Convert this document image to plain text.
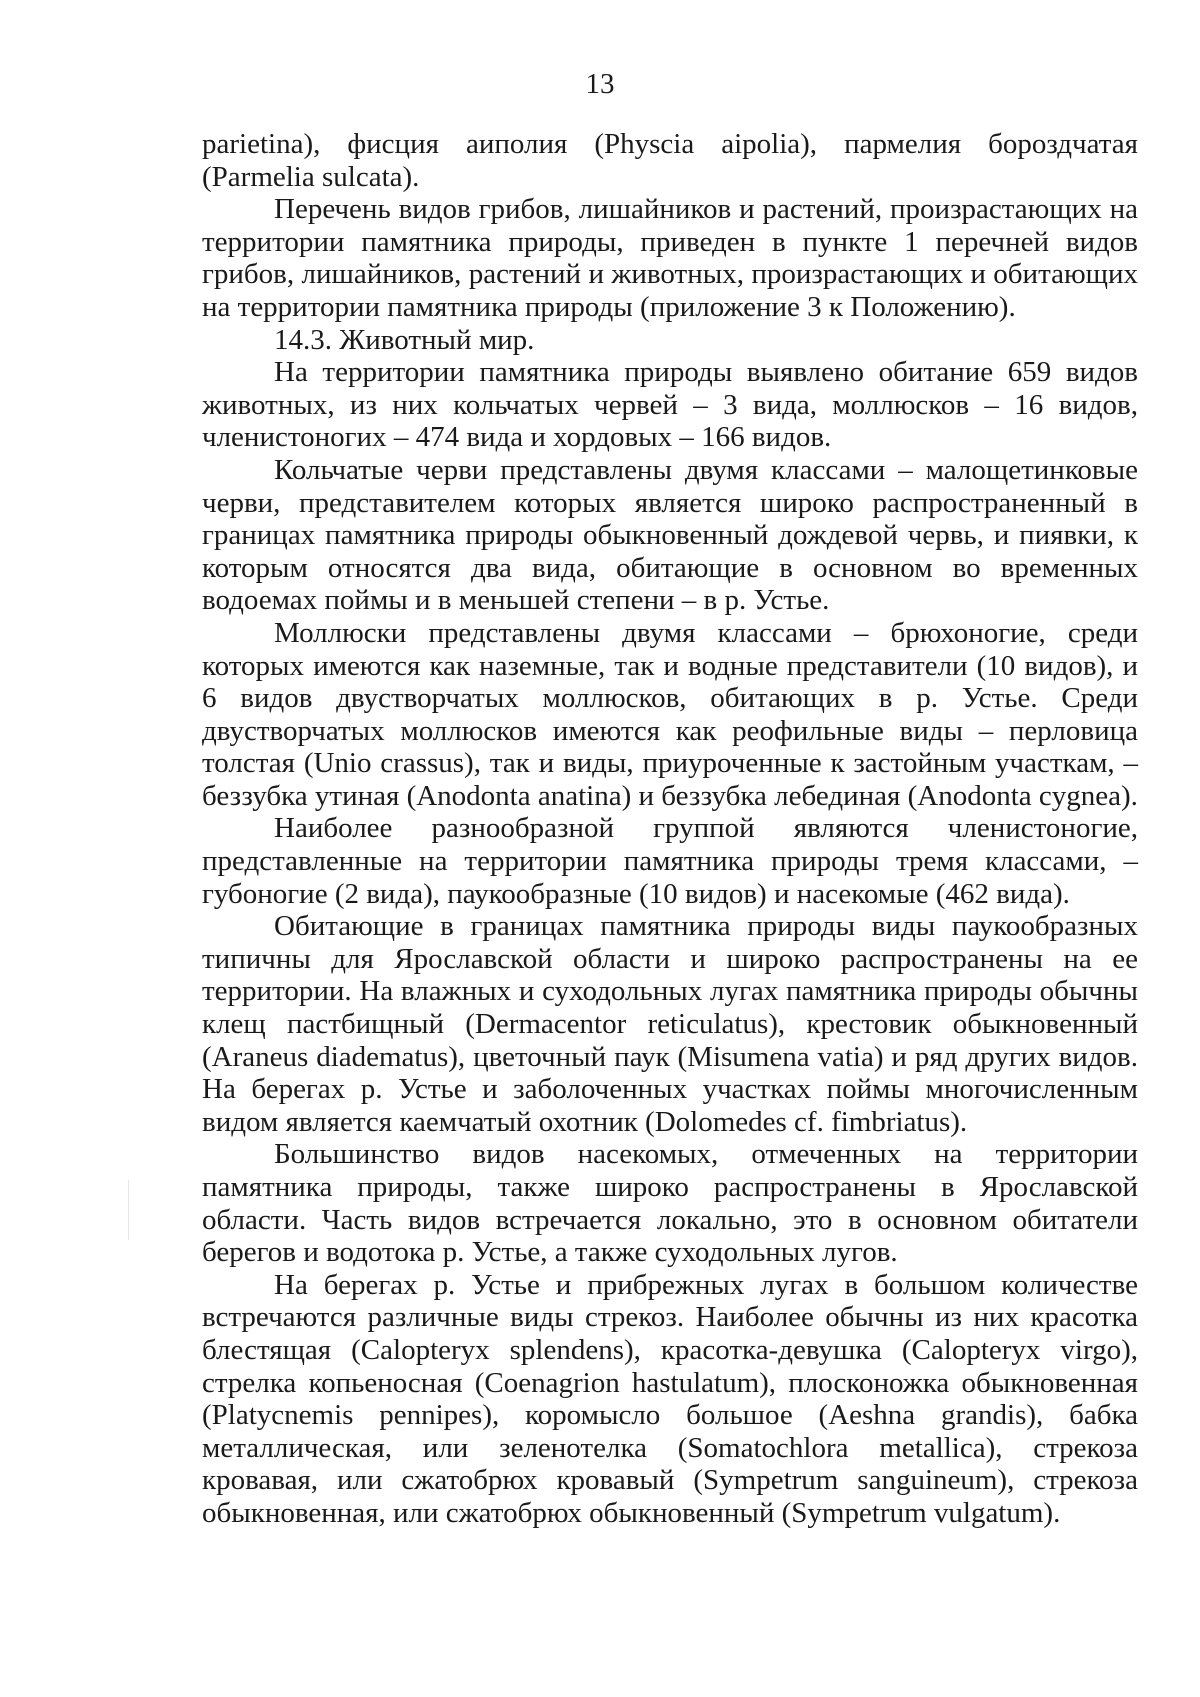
13

parietina), фисция аиполия (Physcia aipolia), пармелия бороздчатая (Parmelia sulcata).

Перечень видов грибов, лишайников и растений, произрастающих на территории памятника природы, приведен в пункте 1 перечней видов грибов, лишайников, растений и животных, произрастающих и обитающих на территории памятника природы (приложение 3 к Положению).

14.3. Животный мир.

На территории памятника природы выявлено обитание 659 видов животных, из них кольчатых червей – 3 вида, моллюсков – 16 видов, членистоногих – 474 вида и хордовых – 166 видов.

Кольчатые черви представлены двумя классами – малощетинковые черви, представителем которых является широко распространенный в границах памятника природы обыкновенный дождевой червь, и пиявки, к которым относятся два вида, обитающие в основном во временных водоемах поймы и в меньшей степени – в р. Устье.

Моллюски представлены двумя классами – брюхоногие, среди которых имеются как наземные, так и водные представители (10 видов), и 6 видов двустворчатых моллюсков, обитающих в р. Устье. Среди двустворчатых моллюсков имеются как реофильные виды – перловица толстая (Unio crassus), так и виды, приуроченные к застойным участкам, – беззубка утиная (Anodonta anatina) и беззубка лебединая (Anodonta cygnea).

Наиболее разнообразной группой являются членистоногие, представленные на территории памятника природы тремя классами, – губоногие (2 вида), паукообразные (10 видов) и насекомые (462 вида).

Обитающие в границах памятника природы виды паукообразных типичны для Ярославской области и широко распространены на ее территории. На влажных и суходольных лугах памятника природы обычны клещ пастбищный (Dermacentor reticulatus), крестовик обыкновенный (Araneus diadematus), цветочный паук (Misumena vatia) и ряд других видов. На берегах р. Устье и заболоченных участках поймы многочисленным видом является каемчатый охотник (Dolomedes cf. fimbriatus).

Большинство видов насекомых, отмеченных на территории памятника природы, также широко распространены в Ярославской области. Часть видов встречается локально, это в основном обитатели берегов и водотока р. Устье, а также суходольных лугов.

На берегах р. Устье и прибрежных лугах в большом количестве встречаются различные виды стрекоз. Наиболее обычны из них красотка блестящая (Calopteryx splendens), красотка-девушка (Calopteryx virgo), стрелка копьеносная (Coenagrion hastulatum), плосконожка обыкновенная (Platycnemis pennipes), коромысло большое (Aeshna grandis), бабка металлическая, или зеленотелка (Somatochlora metallica), стрекоза кровавая, или сжатобрюх кровавый (Sympetrum sanguineum), стрекоза обыкновенная, или сжатобрюх обыкновенный (Sympetrum vulgatum).
